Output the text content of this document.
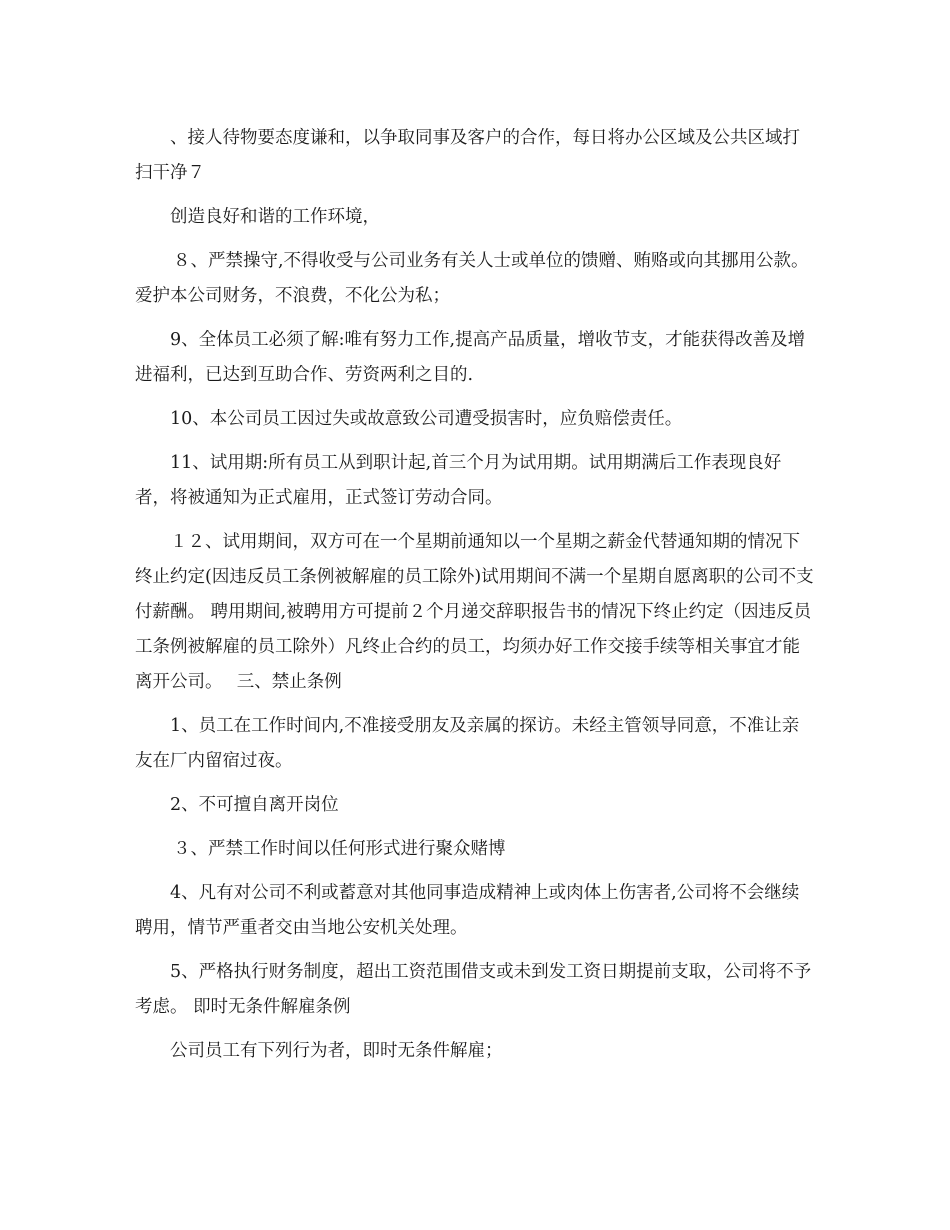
、接人待物要态度谦和，以争取同事及客户的合作，每日将办公区域及公共区域打扫干净７

创造良好和谐的工作环境，

８、严禁操守,不得收受与公司业务有关人士或单位的馈赠、贿赂或向其挪用公款。爱护本公司财务，不浪费，不化公为私；

9、全体员工必须了解:唯有努力工作,提高产品质量，增收节支，才能获得改善及增进福利，已达到互助合作、劳资两利之目的.

10、本公司员工因过失或故意致公司遭受损害时，应负赔偿责任。

11、试用期:所有员工从到职计起,首三个月为试用期。试用期满后工作表现良好者，将被通知为正式雇用，正式签订劳动合同。

１２、试用期间，双方可在一个星期前通知以一个星期之薪金代替通知期的情况下终止约定(因违反员工条例被解雇的员工除外)试用期间不满一个星期自愿离职的公司不支付薪酬。 聘用期间,被聘用方可提前２个月递交辞职报告书的情况下终止约定（因违反员工条例被解雇的员工除外）凡终止合约的员工，均须办好工作交接手续等相关事宜才能离开公司。　 三、禁止条例

1、员工在工作时间内,不准接受朋友及亲属的探访。未经主管领导同意，不准让亲友在厂内留宿过夜。

2、不可擅自离开岗位

３、严禁工作时间以任何形式进行聚众赌博

4、凡有对公司不利或蓄意对其他同事造成精神上或肉体上伤害者,公司将不会继续聘用，情节严重者交由当地公安机关处理。

5、严格执行财务制度，超出工资范围借支或未到发工资日期提前支取，公司将不予考虑。 即时无条件解雇条例

公司员工有下列行为者，即时无条件解雇；
